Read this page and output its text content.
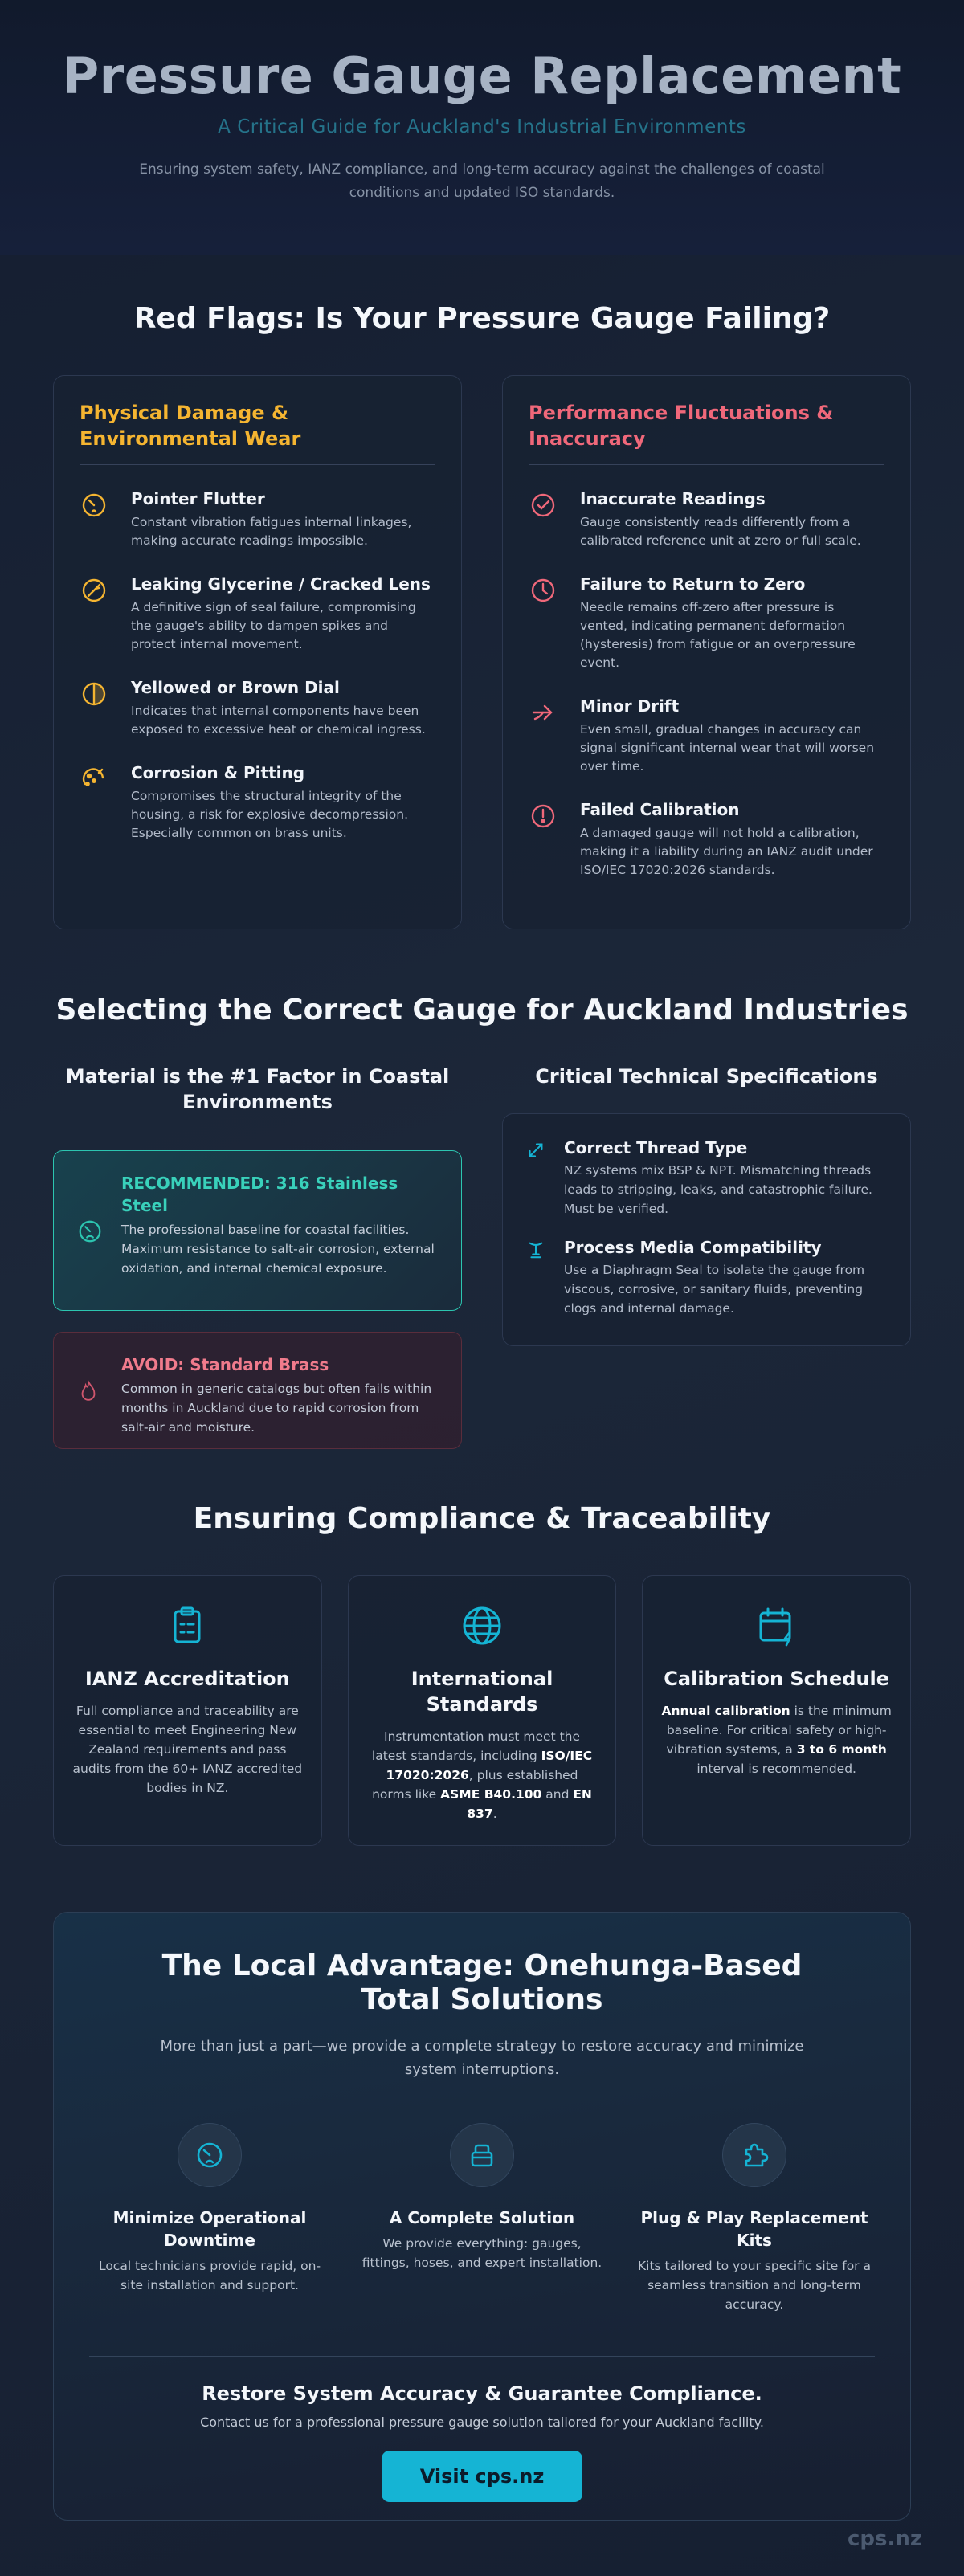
Pressure Gauge Replacement
A Critical Guide for Auckland's Industrial Environments
Ensuring system safety, IANZ compliance, and long-term accuracy against the challenges of coastal conditions and updated ISO standards.
Red Flags: Is Your Pressure Gauge Failing?
Physical Damage & Environmental Wear
Pointer Flutter
Constant vibration fatigues internal linkages, making accurate readings impossible.
Leaking Glycerine / Cracked Lens
A definitive sign of seal failure, compromising the gauge's ability to dampen spikes and protect internal movement.
Yellowed or Brown Dial
Indicates that internal components have been exposed to excessive heat or chemical ingress.
Corrosion & Pitting
Compromises the structural integrity of the housing, a risk for explosive decompression. Especially common on brass units.
Performance Fluctuations & Inaccuracy
Inaccurate Readings
Gauge consistently reads differently from a calibrated reference unit at zero or full scale.
Failure to Return to Zero
Needle remains off-zero after pressure is vented, indicating permanent deformation (hysteresis) from fatigue or an overpressure event.
Minor Drift
Even small, gradual changes in accuracy can signal significant internal wear that will worsen over time.
Failed Calibration
A damaged gauge will not hold a calibration, making it a liability during an IANZ audit under ISO/IEC 17020:2026 standards.
Selecting the Correct Gauge for Auckland Industries
Material is the #1 Factor in Coastal Environments
RECOMMENDED: 316 Stainless Steel
The professional baseline for coastal facilities. Maximum resistance to salt-air corrosion, external oxidation, and internal chemical exposure.
AVOID: Standard Brass
Common in generic catalogs but often fails within months in Auckland due to rapid corrosion from salt-air and moisture.
Critical Technical Specifications
Correct Thread Type
NZ systems mix BSP & NPT. Mismatching threads leads to stripping, leaks, and catastrophic failure. Must be verified.
Process Media Compatibility
Use a Diaphragm Seal to isolate the gauge from viscous, corrosive, or sanitary fluids, preventing clogs and internal damage.
Ensuring Compliance & Traceability
IANZ Accreditation
Full compliance and traceability are essential to meet Engineering New Zealand requirements and pass audits from the 60+ IANZ accredited bodies in NZ.
International Standards
Instrumentation must meet the latest standards, including ISO/IEC 17020:2026, plus established norms like ASME B40.100 and EN 837.
Calibration Schedule
Annual calibration is the minimum baseline. For critical safety or high-vibration systems, a 3 to 6 month interval is recommended.
The Local Advantage: Onehunga-Based Total Solutions
More than just a part—we provide a complete strategy to restore accuracy and minimize system interruptions.
Minimize Operational Downtime
Local technicians provide rapid, on-site installation and support.
A Complete Solution
We provide everything: gauges, fittings, hoses, and expert installation.
Plug & Play Replacement Kits
Kits tailored to your specific site for a seamless transition and long-term accuracy.
Restore System Accuracy & Guarantee Compliance.
Contact us for a professional pressure gauge solution tailored for your Auckland facility.
Visit cps.nz
cps.nz
